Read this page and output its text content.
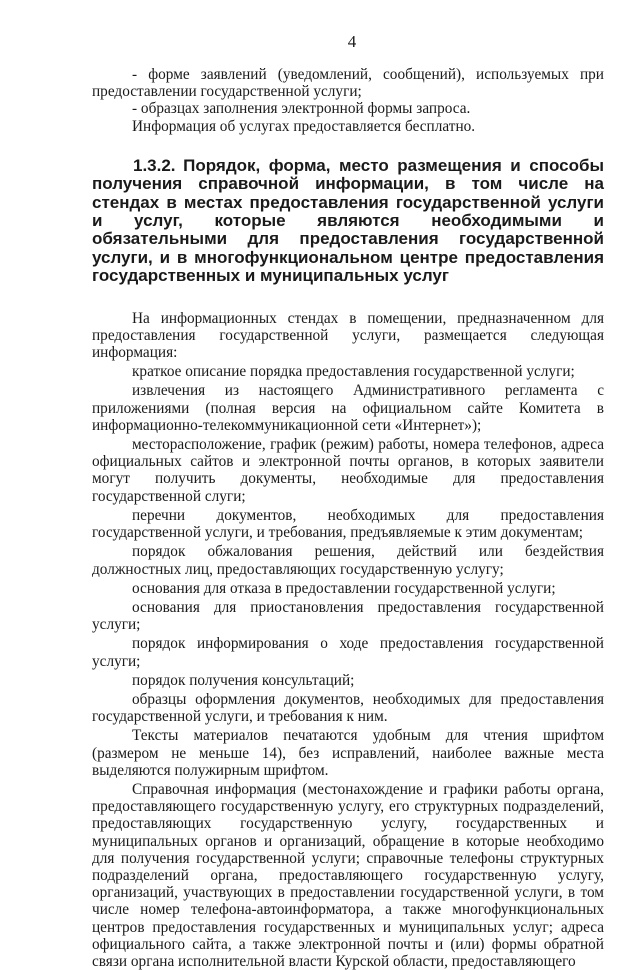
4

- форме заявлений (уведомлений, сообщений), используемых при предоставлении государственной услуги;

- образцах заполнения электронной формы запроса.

Информация об услугах предоставляется бесплатно.

1.3.2. Порядок, форма, место размещения и способы получения справочной информации, в том числе на стендах в местах предоставления государственной услуги и услуг, которые являются необходимыми и обязательными для предоставления государственной услуги, и в многофункциональном центре предоставления государственных и муниципальных услуг

На информационных стендах в помещении, предназначенном для предоставления государственной услуги, размещается следующая информация:

краткое описание порядка предоставления государственной услуги;

извлечения из настоящего Административного регламента с приложениями (полная версия на официальном сайте Комитета в информационно-телекоммуникационной сети «Интернет»);

месторасположение, график (режим) работы, номера телефонов, адреса официальных сайтов и электронной почты органов, в которых заявители могут получить документы, необходимые для предоставления государственной слуги;

перечни документов, необходимых для предоставления государственной услуги, и требования, предъявляемые к этим документам;

порядок обжалования решения, действий или бездействия должностных лиц, предоставляющих государственную услугу;

основания для отказа в предоставлении государственной услуги;

основания для приостановления предоставления государственной услуги;

порядок информирования о ходе предоставления государственной услуги;

порядок получения консультаций;

образцы оформления документов, необходимых для предоставления государственной услуги, и требования к ним.

Тексты материалов печатаются удобным для чтения шрифтом (размером не меньше 14), без исправлений, наиболее важные места выделяются полужирным шрифтом.

Справочная информация (местонахождение и графики работы органа, предоставляющего государственную услугу, его структурных подразделений, предоставляющих государственную услугу, государственных и муниципальных органов и организаций, обращение в которые необходимо для получения государственной услуги; справочные телефоны структурных подразделений органа, предоставляющего государственную услугу, организаций, участвующих в предоставлении государственной услуги, в том числе номер телефона-автоинформатора, а также многофункциональных центров предоставления государственных и муниципальных услуг; адреса официального сайта, а также электронной почты и (или) формы обратной связи органа исполнительной власти Курской области, предоставляющего
